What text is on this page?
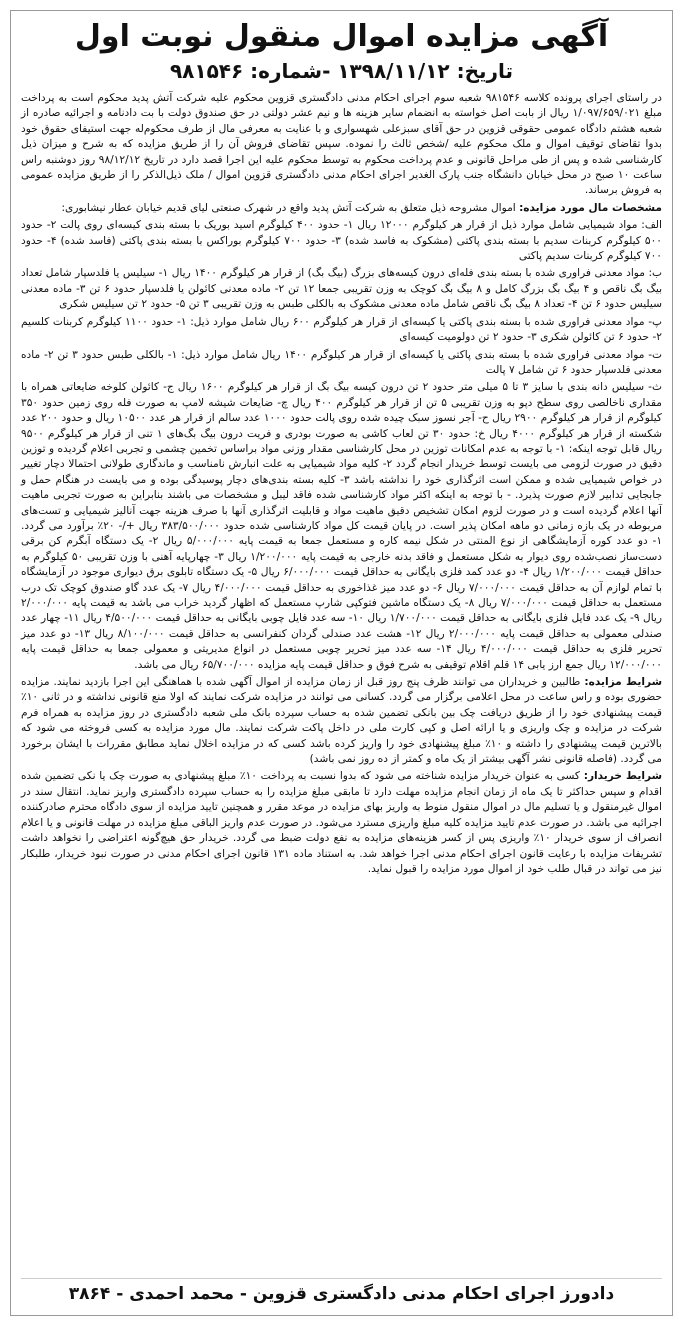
آگهی مزایده اموال منقول نوبت اول
تاریخ: ۱۳۹۸/۱۱/۱۲ -شماره: ۹۸۱۵۴۶

در راستای اجرای پرونده کلاسه ۹۸۱۵۴۶ شعبه سوم اجرای احکام مدنی دادگستری قزوین محکوم علیه شرکت آتش پدید محکوم است به پرداخت مبلغ ۱/۰۹۷/۶۵۹/۰۲۱ ریال از بابت اصل خواسته به انضمام سایر هزینه ها و نیم عشر دولتی در حق صندوق دولت با بت دادنامه و اجرائیه صادره از شعبه هشتم دادگاه عمومی حقوقی قزوین در حق آقای سبزعلی شهسواری و با عنایت به معرفی مال از طرف محکوم‌له جهت استیفای حقوق خود بدوا تقاضای توقیف اموال و ملک محکوم علیه /شخص ثالث را نموده. سپس تقاضای فروش آن را از طریق مزایده که به شرح و میزان ذیل کارشناسی شده و پس از طی مراحل قانونی و عدم پرداخت محکوم به توسط محکوم علیه این اجرا قصد دارد در تاریخ ۹۸/۱۲/۱۲ روز دوشنبه راس ساعت ۱۰ صبح در محل خیابان دانشگاه جنب پارک الغدیر اجرای احکام مدنی دادگستری قزوین اموال / ملک ذیل‌الذکر را از طریق مزایده عمومی به فروش برساند.

مشخصات مال مورد مزایده: اموال مشروحه ذیل متعلق به شرکت آتش پدید واقع در شهرک صنعتی لیای قدیم خیابان عطار نیشابوری:

الف: مواد شیمیایی شامل موارد ذیل از قرار هر کیلوگرم ۱۲۰۰۰ ریال ۱- حدود ۴۰۰ کیلوگرم اسید بوریک با بسته بندی کیسه‌ای روی پالت ۲- حدود ۵۰۰ کیلوگرم کربنات سدیم با بسته بندی پاکتی (مشکوک به فاسد شده) ۳- حدود ۷۰۰ کیلوگرم بوراکس با بسته بندی پاکتی (فاسد شده) ۴- حدود ۷۰۰ کیلوگرم کربنات سدیم پاکتی

ب: مواد معدنی فراوری شده با بسته بندی فله‌ای درون کیسه‌های بزرگ (بیگ بگ) از قرار هر کیلوگرم ۱۴۰۰ ریال ۱- سیلیس یا فلدسپار شامل تعداد بیگ بگ ناقص و ۴ بیگ بگ بزرگ کامل و ۸ بیگ بگ کوچک به وزن تقریبی جمعا ۱۲ تن ۲- ماده معدنی کائولن یا فلدسپار حدود ۶ تن ۳- ماده معدنی سیلیس حدود ۶ تن ۴- تعداد ۸ بیگ بگ ناقص شامل ماده معدنی مشکوک به بالکلی طبس به وزن تقریبی ۳ تن ۵- حدود ۲ تن سیلیس شکری

پ- مواد معدنی فراوری شده با بسته بندی پاکتی یا کیسه‌ای از قرار هر کیلوگرم ۶۰۰ ریال شامل موارد ذیل: ۱- حدود ۱۱۰۰ کیلوگرم کربنات کلسیم ۲- حدود ۶ تن کائولن شکری ۳- حدود ۲ تن دولومیت کیسه‌ای

ت- مواد معدنی فراوری شده با بسته بندی پاکتی یا کیسه‌ای از قرار هر کیلوگرم ۱۴۰۰ ریال شامل موارد ذیل: ۱- بالکلی طبس حدود ۳ تن ۲- ماده معدنی فلدسپار حدود ۶ تن شامل ۷ پالت

ث- سیلیس دانه بندی با سایز ۳ تا ۵ میلی متر حدود ۲ تن درون کیسه بیگ بگ از قرار هر کیلوگرم ۱۶۰۰ ریال ج- کائولن کلوخه ضایعاتی همراه با مقداری ناخالصی روی سطح دپو به وزن تقریبی ۵ تن از قرار هر کیلوگرم ۴۰۰ ریال چ- ضایعات شیشه لامپ به صورت فله روی زمین حدود ۳۵۰ کیلوگرم از قرار هر کیلوگرم ۲۹۰۰ ریال ح- آجر نسوز سبک چیده شده روی پالت حدود ۱۰۰۰ عدد سالم از قرار هر عدد ۱۰۵۰۰ ریال و حدود ۲۰۰ عدد شکسته از قرار هر کیلوگرم ۴۰۰۰ ریال خ: حدود ۳۰ تن لعاب کاشی به صورت بودری و فریت درون بیگ بگ‌های ۱ تنی از قرار هر کیلوگرم ۹۵۰۰ ریال قابل توجه اینکه: ۱- با توجه به عدم امکانات توزین در محل کارشناسی مقدار وزنی مواد براساس تخمین چشمی و تجربی اعلام گردیده و توزین دقیق در صورت لزومی می بایست توسط خریدار انجام گردد ۲- کلیه مواد شیمیایی به علت انبارش نامناسب و ماندگاری طولانی احتمالا دچار تغییر در خواص شیمیایی شده و ممکن است اثرگذاری خود را نداشته باشد ۳- کلیه بسته بندی‌های دچار پوسیدگی بوده و می بایست در هنگام حمل و جابجایی تدابیر لازم صورت پذیرد. - با توجه به اینکه اکثر مواد کارشناسی شده فاقد لیبل و مشخصات می باشند بنابراین به صورت تجربی ماهیت آنها اعلام گردیده است و در صورت لزوم امکان تشخیص دقیق ماهیت مواد و قابلیت اثرگذاری آنها با صرف هزینه جهت آنالیز شیمیایی و تست‌های مربوطه در یک بازه زمانی دو ماهه امکان پذیر است. در پایان قیمت کل مواد کارشناسی شده حدود ۳۸۳/۵۰۰/۰۰۰ ریال +/- ۲۰٪ برآورد می گردد. ۱- دو عدد کوره آزمایشگاهی از نوع المنتی در شکل نیمه کاره و مستعمل جمعا به قیمت پایه ۵/۰۰۰/۰۰۰ ریال ۲- یک دستگاه آبگرم کن برقی دست‌ساز نصب‌شده روی دیوار به شکل مستعمل و فاقد بدنه خارجی به قیمت پایه ۱/۲۰۰/۰۰۰ ریال ۳- چهارپایه آهنی با وزن تقریبی ۵۰ کیلوگرم به حداقل قیمت ۱/۲۰۰/۰۰۰ ریال ۴- دو عدد کمد فلزی بایگانی به حداقل قیمت ۶/۰۰۰/۰۰۰ ریال ۵- یک دستگاه تابلوی برق دیواری موجود در آزمایشگاه با تمام لوازم آن به حداقل قیمت ۷/۰۰۰/۰۰۰ ریال ۶- دو عدد میز غذاخوری به حداقل قیمت ۴/۰۰۰/۰۰۰ ریال ۷- یک عدد گاو صندوق کوچک تک درب مستعمل به حداقل قیمت ۷/۰۰۰/۰۰۰ ریال ۸- یک دستگاه ماشین فتوکپی شارپ مستعمل که اظهار گردید خراب می باشد به قیمت پایه ۲/۰۰۰/۰۰۰ ریال ۹- یک عدد فایل فلزی بایگانی به حداقل قیمت ۱/۷۰۰/۰۰۰ ریال ۱۰- سه عدد فایل چوبی بایگانی به حداقل قیمت ۴/۵۰۰/۰۰۰ ریال ۱۱- چهار عدد صندلی معمولی به حداقل قیمت پایه ۲/۰۰۰/۰۰۰ ریال ۱۲- هشت عدد صندلی گردان کنفرانسی به حداقل قیمت ۸/۱۰۰/۰۰۰ ریال ۱۳- دو عدد میز تحریر فلزی به حداقل قیمت ۴/۰۰۰/۰۰۰ ریال ۱۴- سه عدد میز تحریر چوبی مستعمل در انواع مدیریتی و معمولی جمعا به حداقل قیمت پایه ۱۲/۰۰۰/۰۰۰ ریال جمع ارز یابی ۱۴ قلم اقلام توقیفی به شرح فوق و حداقل قیمت پایه مزایده ۶۵/۷۰۰/۰۰۰ ریال می باشد.

شرایط مزایده: طالبین و خریداران می توانند ظرف پنج روز قبل از زمان مزایده از اموال آگهی شده با هماهنگی این اجرا بازدید نمایند. مزایده حضوری بوده و راس ساعت در محل اعلامی برگزار می گردد. کسانی می توانند در مزایده شرکت نمایند که اولا منع قانونی نداشته و در ثانی ۱۰٪ قیمت پیشنهادی خود را از طریق دریافت چک بین بانکی تضمین شده به حساب سپرده بانک ملی شعبه دادگستری در روز مزایده به همراه فرم شرکت در مزایده و چک واریزی و یا ارائه اصل و کپی کارت ملی در داخل پاکت شرکت نمایند. مال مورد مزایده به کسی فروخته می شود که بالاترین قیمت پیشنهادی را داشته و ۱۰٪ مبلغ پیشنهادی خود را واریز کرده باشد کسی که در مزایده اخلال نماید مطابق مقررات با ایشان برخورد می گردد. (فاصله قانونی نشر آگهی بیشتر از یک ماه و کمتر از ده روز نمی باشد)

شرایط خریدار: کسی به عنوان خریدار مزایده شناخته می شود که بدوا نسبت به پرداخت ۱۰٪ مبلغ پیشنهادی به صورت چک یا نکی تضمین شده اقدام و سپس حداکثر تا یک ماه از زمان انجام مزایده مهلت دارد تا مابقی مبلغ مزایده را به حساب سپرده دادگستری واریز نماید. انتقال سند در اموال غیرمنقول و یا تسلیم مال در اموال منقول منوط به واریز بهای مزایده در موعد مقرر و همچنین تایید مزایده از سوی دادگاه محترم صادرکننده اجرائیه می باشد. در صورت عدم تایید مزایده کلیه مبلغ واریزی مسترد می‌شود. در صورت عدم واریز الباقی مبلغ مزایده در مهلت قانونی و یا اعلام انصراف از سوی خریدار ۱۰٪ واریزی پس از کسر هزینه‌های مزایده به نفع دولت ضبط می گردد. خریدار حق هیچ‌گونه اعتراضی را نخواهد داشت تشریفات مزایده با رعایت قانون اجرای احکام مدنی اجرا خواهد شد. به استناد ماده ۱۳۱ قانون اجرای احکام مدنی در صورت نبود خریدار، طلبکار نیز می تواند در قبال طلب خود از اموال مورد مزایده را قبول نماید.

دادورز اجرای احکام مدنی دادگستری قزوین - محمد احمدی - ۳۸۶۴
